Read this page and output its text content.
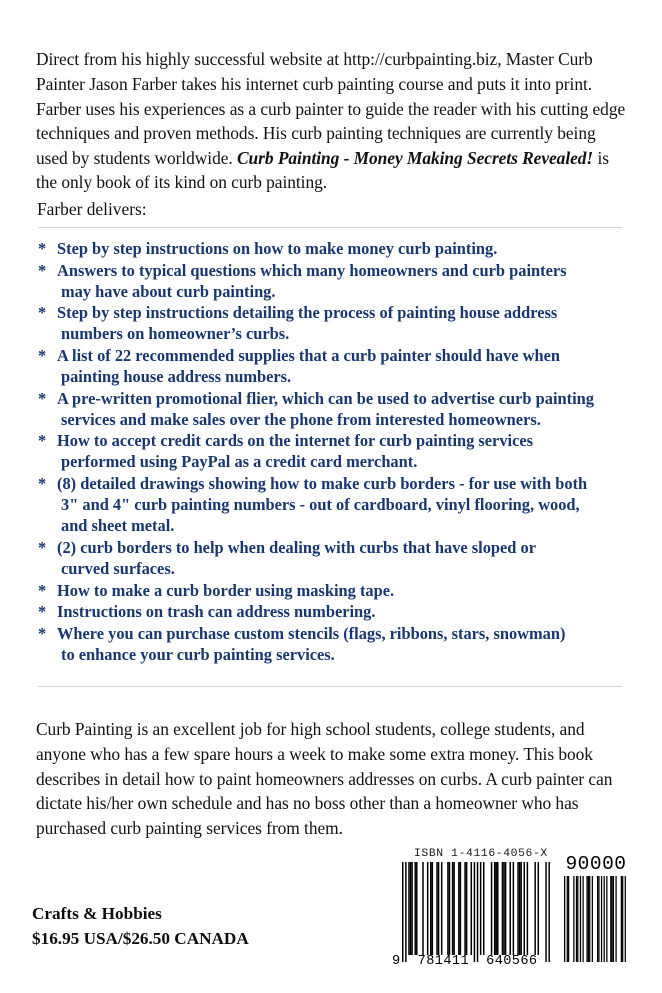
Direct from his highly successful website at http://curbpainting.biz, Master Curb Painter Jason Farber takes his internet curb painting course and puts it into print. Farber uses his experiences as a curb painter to guide the reader with his cutting edge techniques and proven methods. His curb painting techniques are currently being used by students worldwide. Curb Painting - Money Making Secrets Revealed! is the only book of its kind on curb painting.

Farber delivers:
* Step by step instructions on how to make money curb painting.
* Answers to typical questions which many homeowners and curb painters
may have about curb painting.
* Step by step instructions detailing the process of painting house address
numbers on homeowner’s curbs.
* A list of 22 recommended supplies that a curb painter should have when
painting house address numbers.
* A pre-written promotional flier, which can be used to advertise curb painting
services and make sales over the phone from interested homeowners.
* How to accept credit cards on the internet for curb painting services
performed using PayPal as a credit card merchant.
* (8) detailed drawings showing how to make curb borders - for use with both
3" and 4" curb painting numbers - out of cardboard, vinyl flooring, wood,
and sheet metal.
* (2) curb borders to help when dealing with curbs that have sloped or
curved surfaces.
* How to make a curb border using masking tape.
* Instructions on trash can address numbering.
* Where you can purchase custom stencils (flags, ribbons, stars, snowman)
to enhance your curb painting services.

Curb Painting is an excellent job for high school students, college students, and anyone who has a few spare hours a week to make some extra money. This book describes in detail how to paint homeowners addresses on curbs. A curb painter can dictate his/her own schedule and has no boss other than a homeowner who has purchased curb painting services from them.

Crafts & Hobbies
$16.95 USA/$26.50 CANADA
ISBN 1-4116-4056-X
9  781411  640566
90000
